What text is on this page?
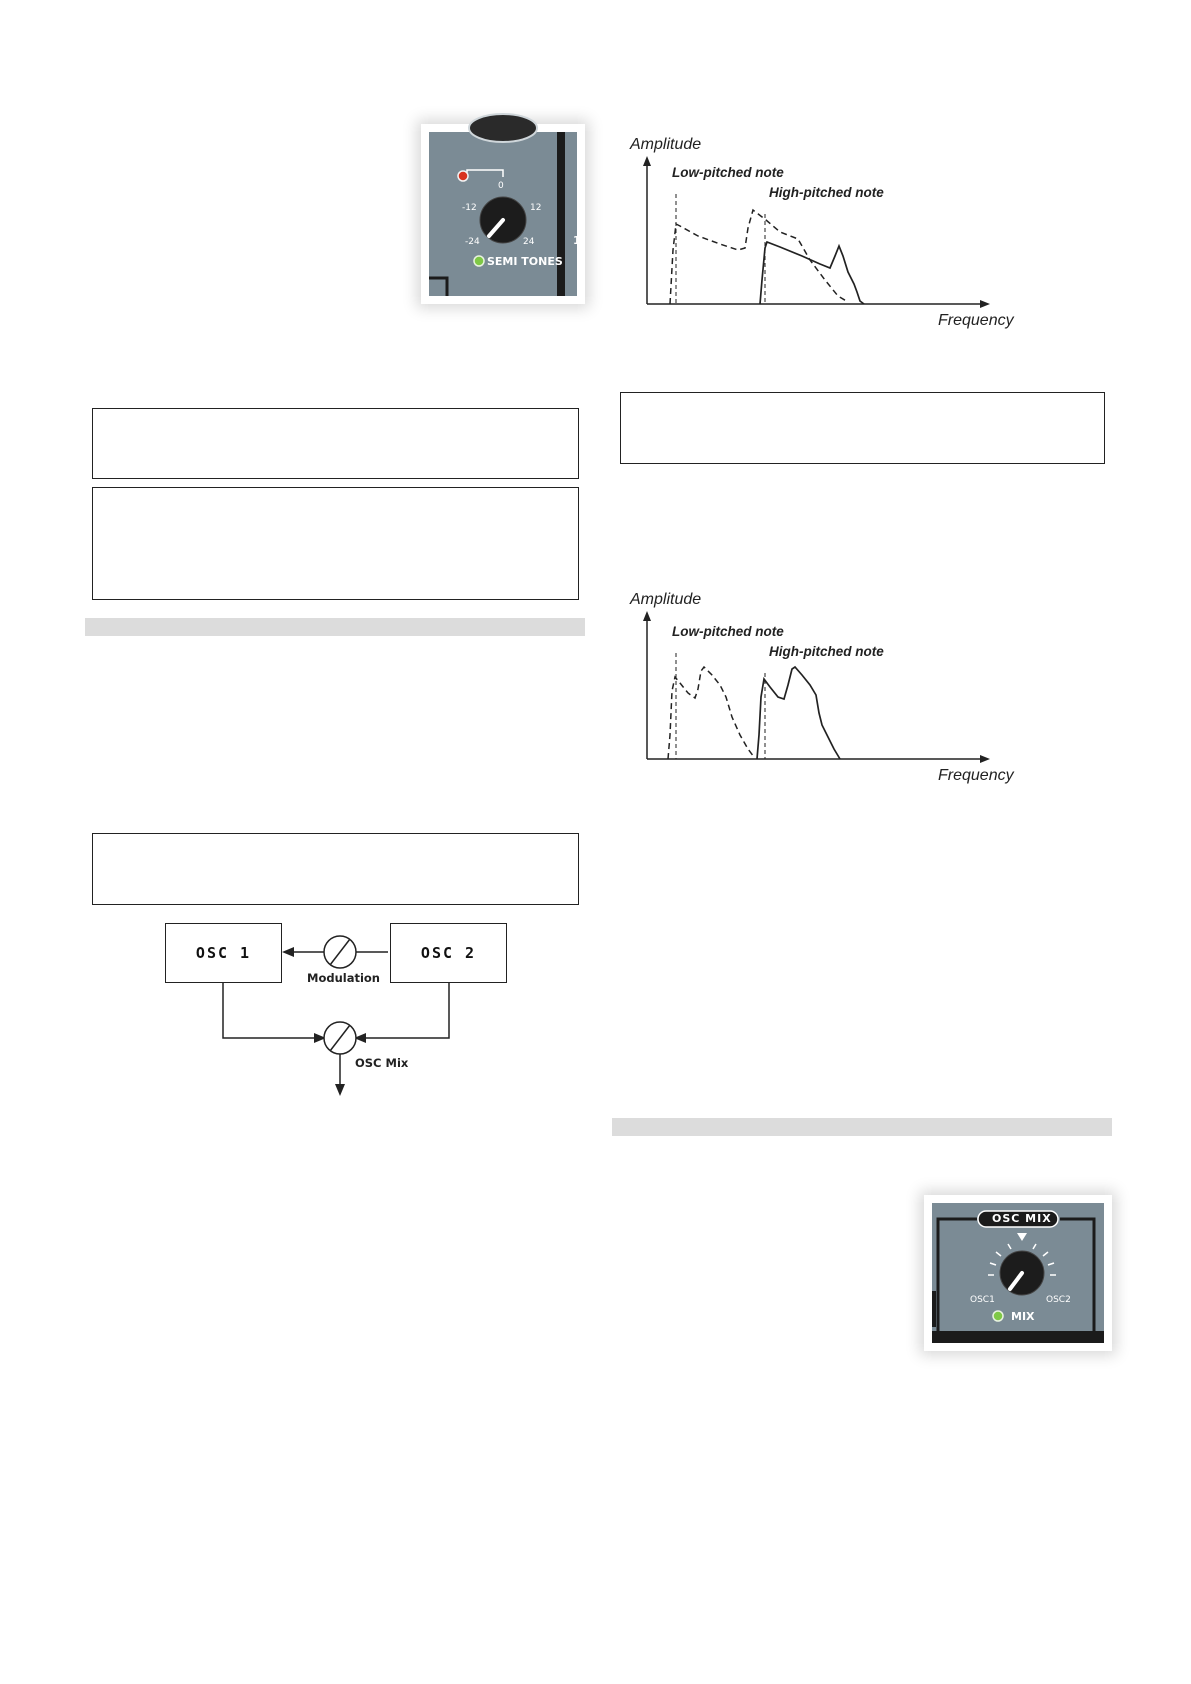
0
-12	12
-24	24
SEMI TONES
1
Amplitude
Low-pitched note
High-pitched note
Frequency
Amplitude
Low-pitched note
High-pitched note
Frequency
OSC 1	OSC 2
Modulation
OSC Mix
OSC MIX
OSC1	OSC2
MIX
